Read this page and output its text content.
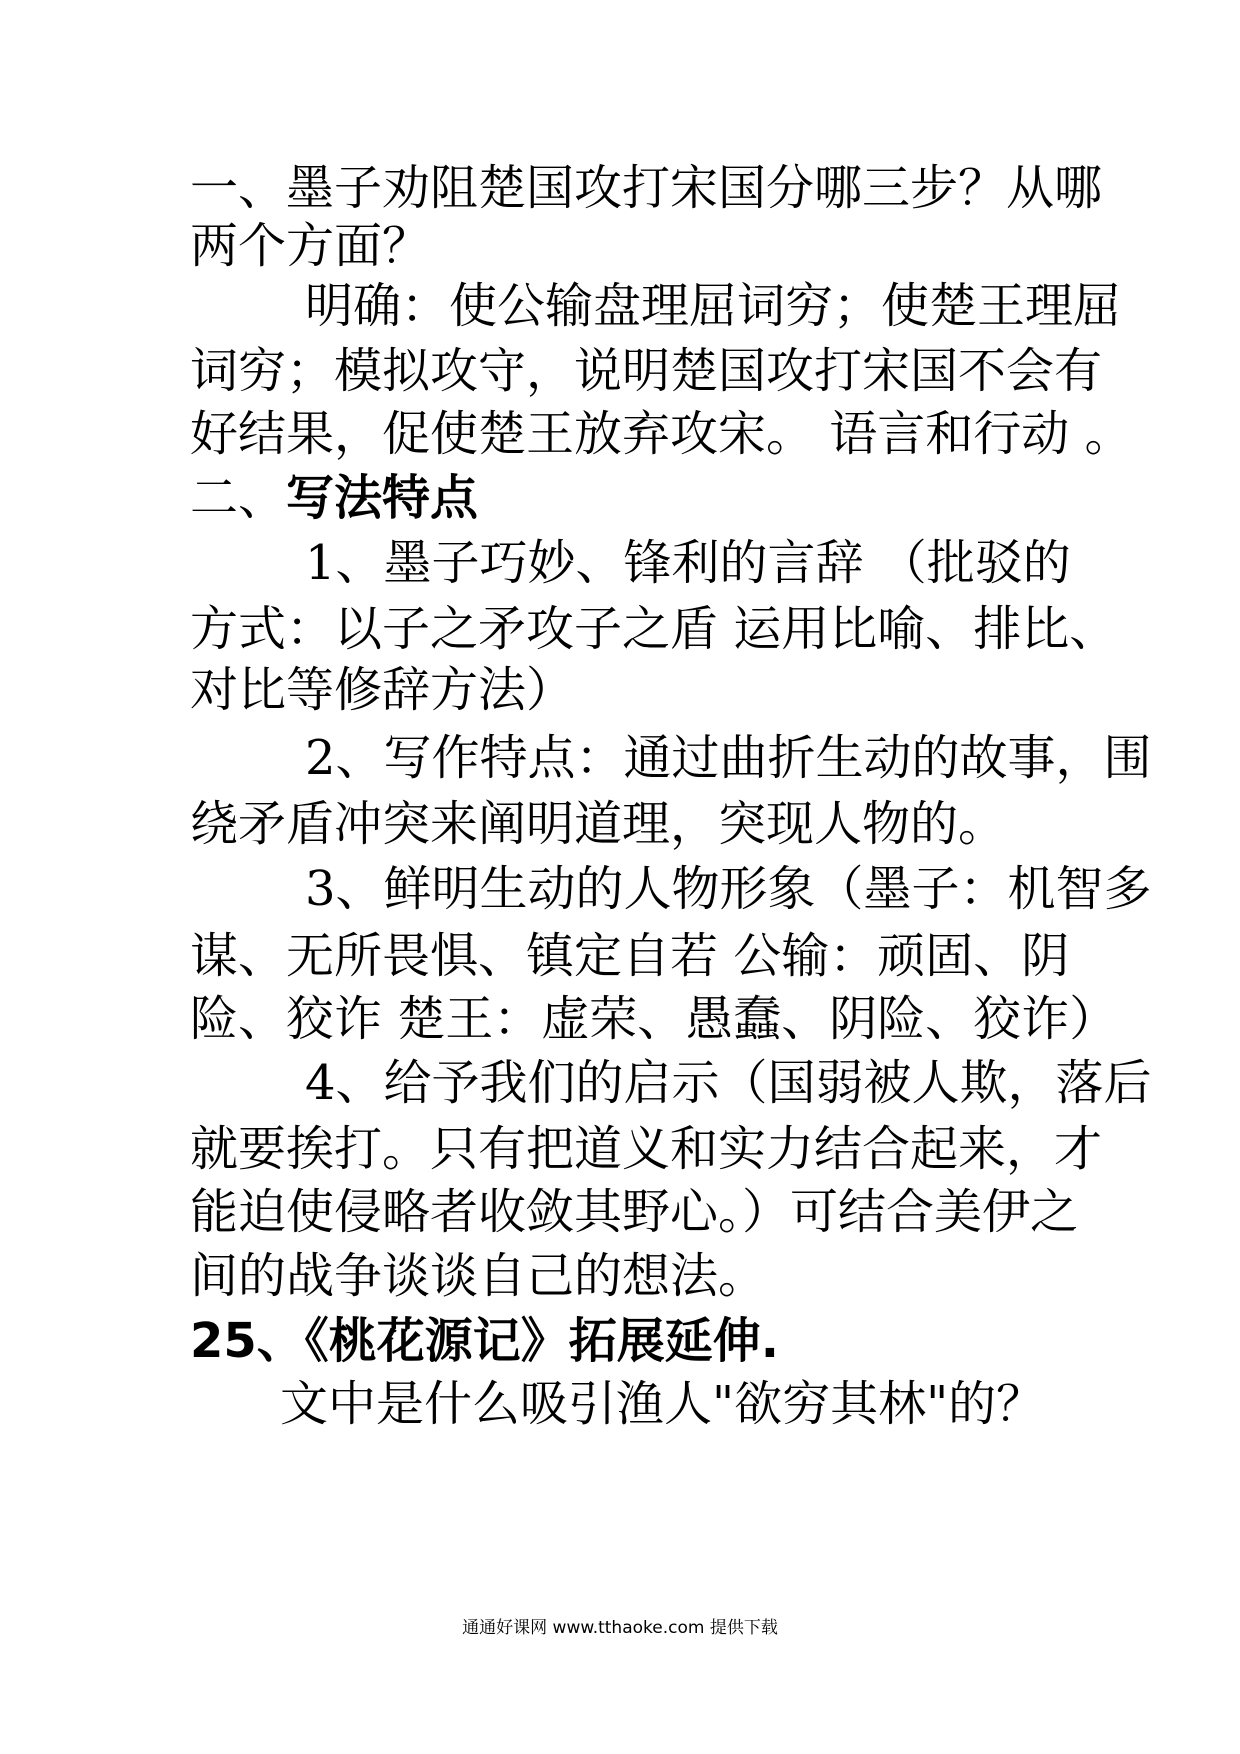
一、墨子劝阻楚国攻打宋国分哪三步？从哪
两个方面？
明确：使公输盘理屈词穷；使楚王理屈
词穷；模拟攻守，说明楚国攻打宋国不会有
好结果，促使楚王放弃攻宋。 语言和行动 。
二、写法特点
1、墨子巧妙、锋利的言辞 （批驳的
方式：以子之矛攻子之盾 运用比喻、排比、
对比等修辞方法）
2、写作特点：通过曲折生动的故事，围
绕矛盾冲突来阐明道理，突现人物的。
3、鲜明生动的人物形象（墨子：机智多
谋、无所畏惧、镇定自若 公输：顽固、阴
险、狡诈 楚王：虚荣、愚蠢、阴险、狡诈）
4、给予我们的启示（国弱被人欺，落后
就要挨打。只有把道义和实力结合起来，才
能迫使侵略者收敛其野心。）可结合美伊之
间的战争谈谈自己的想法。
25、《桃花源记》拓展延伸.
文中是什么吸引渔人"欲穷其林"的？
通通好课网 www.tthaoke.com 提供下载
